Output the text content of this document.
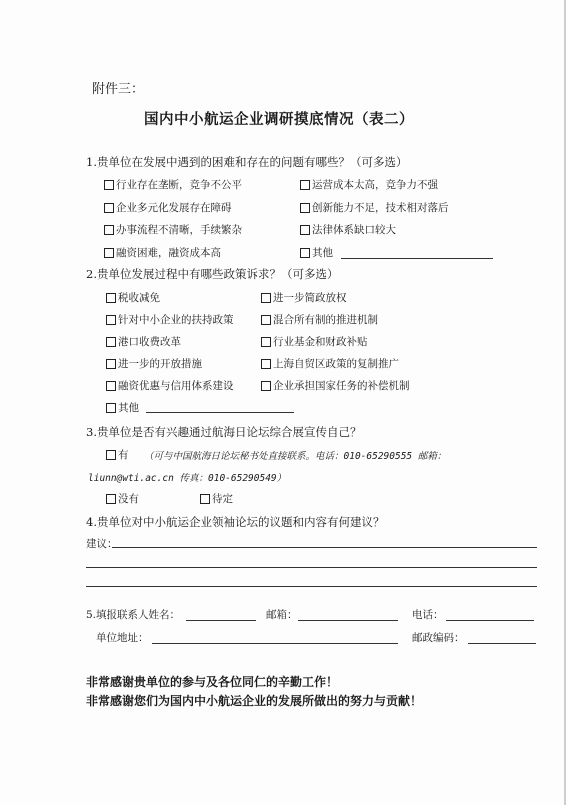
附件三：
国内中小航运企业调研摸底情况（表二）
1.贵单位在发展中遇到的困难和存在的问题有哪些？（可多选）
行业存在垄断，竞争不公平	运营成本太高，竞争力不强
企业多元化发展存在障碍	创新能力不足，技术相对落后
办事流程不清晰，手续繁杂	法律体系缺口较大
融资困难，融资成本高	其他
2.贵单位发展过程中有哪些政策诉求？（可多选）
税收减免	进一步简政放权
针对中小企业的扶持政策	混合所有制的推进机制
港口收费改革	行业基金和财政补贴
进一步的开放措施	上海自贸区政策的复制推广
融资优惠与信用体系建设	企业承担国家任务的补偿机制
其他
3.贵单位是否有兴趣通过航海日论坛综合展宣传自己？
有 （可与中国航海日论坛秘书处直接联系。电话：010-65290555 邮箱：
liunn@wti.ac.cn 传真：010-65290549）
没有	待定
4.贵单位对中小航运企业领袖论坛的议题和内容有何建议？
建议：
5.填报联系人姓名：	邮箱：	电话：
单位地址：	邮政编码：
非常感谢贵单位的参与及各位同仁的辛勤工作！
非常感谢您们为国内中小航运企业的发展所做出的努力与贡献！
